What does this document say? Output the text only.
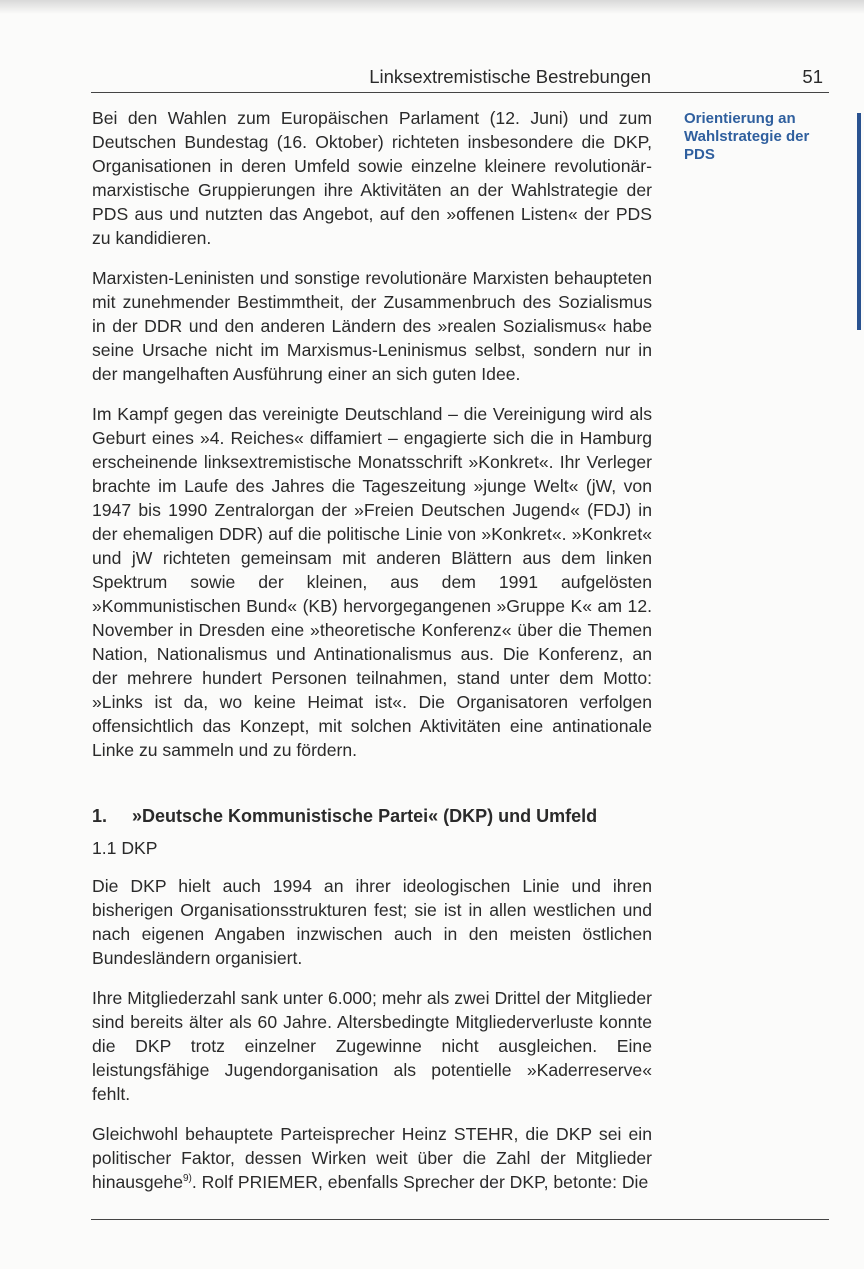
Linksextremistische Bestrebungen	51
Orientierung an Wahlstrategie der PDS

Bei den Wahlen zum Europäischen Parlament (12. Juni) und zum Deutschen Bundestag (16. Oktober) richteten insbesondere die DKP, Organisationen in deren Umfeld sowie einzelne kleinere revolutionär-marxistische Gruppierungen ihre Aktivitäten an der Wahlstrategie der PDS aus und nutzten das Angebot, auf den »offenen Listen« der PDS zu kandidieren.

Marxisten-Leninisten und sonstige revolutionäre Marxisten behaupteten mit zunehmender Bestimmtheit, der Zusammenbruch des Sozialismus in der DDR und den anderen Ländern des »realen Sozialismus« habe seine Ursache nicht im Marxismus-Leninismus selbst, sondern nur in der mangelhaften Ausführung einer an sich guten Idee.

Im Kampf gegen das vereinigte Deutschland – die Vereinigung wird als Geburt eines »4. Reiches« diffamiert – engagierte sich die in Hamburg erscheinende linksextremistische Monatsschrift »Konkret«. Ihr Verleger brachte im Laufe des Jahres die Tageszeitung »junge Welt« (jW, von 1947 bis 1990 Zentralorgan der »Freien Deutschen Jugend« (FDJ) in der ehemaligen DDR) auf die politische Linie von »Konkret«. »Konkret« und jW richteten gemeinsam mit anderen Blättern aus dem linken Spektrum sowie der kleinen, aus dem 1991 aufgelösten »Kommunistischen Bund« (KB) hervorgegangenen »Gruppe K« am 12. November in Dresden eine »theoretische Konferenz« über die Themen Nation, Nationalismus und Antinationalismus aus. Die Konferenz, an der mehrere hundert Personen teilnahmen, stand unter dem Motto: »Links ist da, wo keine Heimat ist«. Die Organisatoren verfolgen offensichtlich das Konzept, mit solchen Aktivitäten eine antinationale Linke zu sammeln und zu fördern.

1. »Deutsche Kommunistische Partei« (DKP) und Umfeld
1.1 DKP

Die DKP hielt auch 1994 an ihrer ideologischen Linie und ihren bisherigen Organisationsstrukturen fest; sie ist in allen westlichen und nach eigenen Angaben inzwischen auch in den meisten östlichen Bundesländern organisiert.

Ihre Mitgliederzahl sank unter 6.000; mehr als zwei Drittel der Mitglieder sind bereits älter als 60 Jahre. Altersbedingte Mitgliederverluste konnte die DKP trotz einzelner Zugewinne nicht ausgleichen. Eine leistungsfähige Jugendorganisation als potentielle »Kaderreserve« fehlt.

Gleichwohl behauptete Parteisprecher Heinz STEHR, die DKP sei ein politischer Faktor, dessen Wirken weit über die Zahl der Mitglieder hinausgehe$^{9)}$. Rolf PRIEMER, ebenfalls Sprecher der DKP, betonte: Die
